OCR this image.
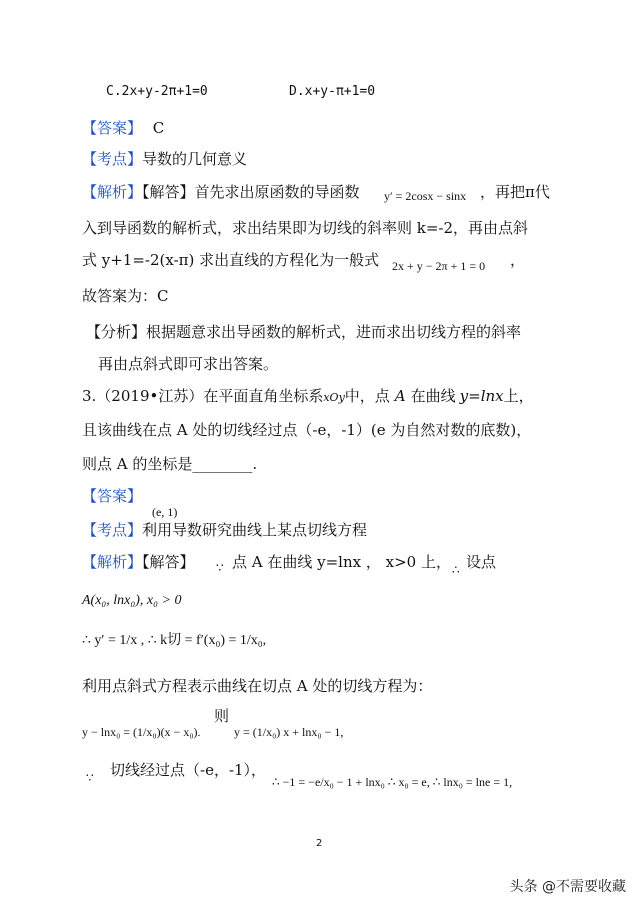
C.2x+y-2π+1=0	D.x+y-π+1=0
【答案】 C
【考点】导数的几何意义
【解析】【解答】首先求出原函数的导函数 y′ = 2cosx − sinx ，再把π代
入到导函数的解析式，求出结果即为切线的斜率则 k=-2，再由点斜
式 y+1=-2(x-π) 求出直线的方程化为一般式 2x + y − 2π + 1 = 0 ，
故答案为：C
【分析】根据题意求出导函数的解析式，进而求出切线方程的斜率
再由点斜式即可求出答案。
3.（2019•江苏）在平面直角坐标系xOy中，点 A 在曲线 y=lnx上，
且该曲线在点 A 处的切线经过点（-e，-1）(e 为自然对数的底数)，
则点 A 的坐标是________.
【答案】
(e, 1)
【考点】利用导数研究曲线上某点切线方程
【解析】【解答】 ∵ 点 A 在曲线 y=lnx ， x>0 上， ∴ 设点
A(x₀, lnx₀), x₀ > 0
∴ y′ = 1/x , ∴ k切 = f′(x₀) = 1/x₀,
利用点斜式方程表示曲线在切点 A 处的切线方程为：
y − lnx₀ = (1/x₀)(x − x₀).
则
y = (1/x₀) x + lnx₀ − 1,
∵ 切线经过点（-e，-1），
∴ −1 = −e/x₀ − 1 + lnx₀ ∴ x₀ = e, ∴ lnx₀ = lne = 1,
2
头条 @不需要收藏
